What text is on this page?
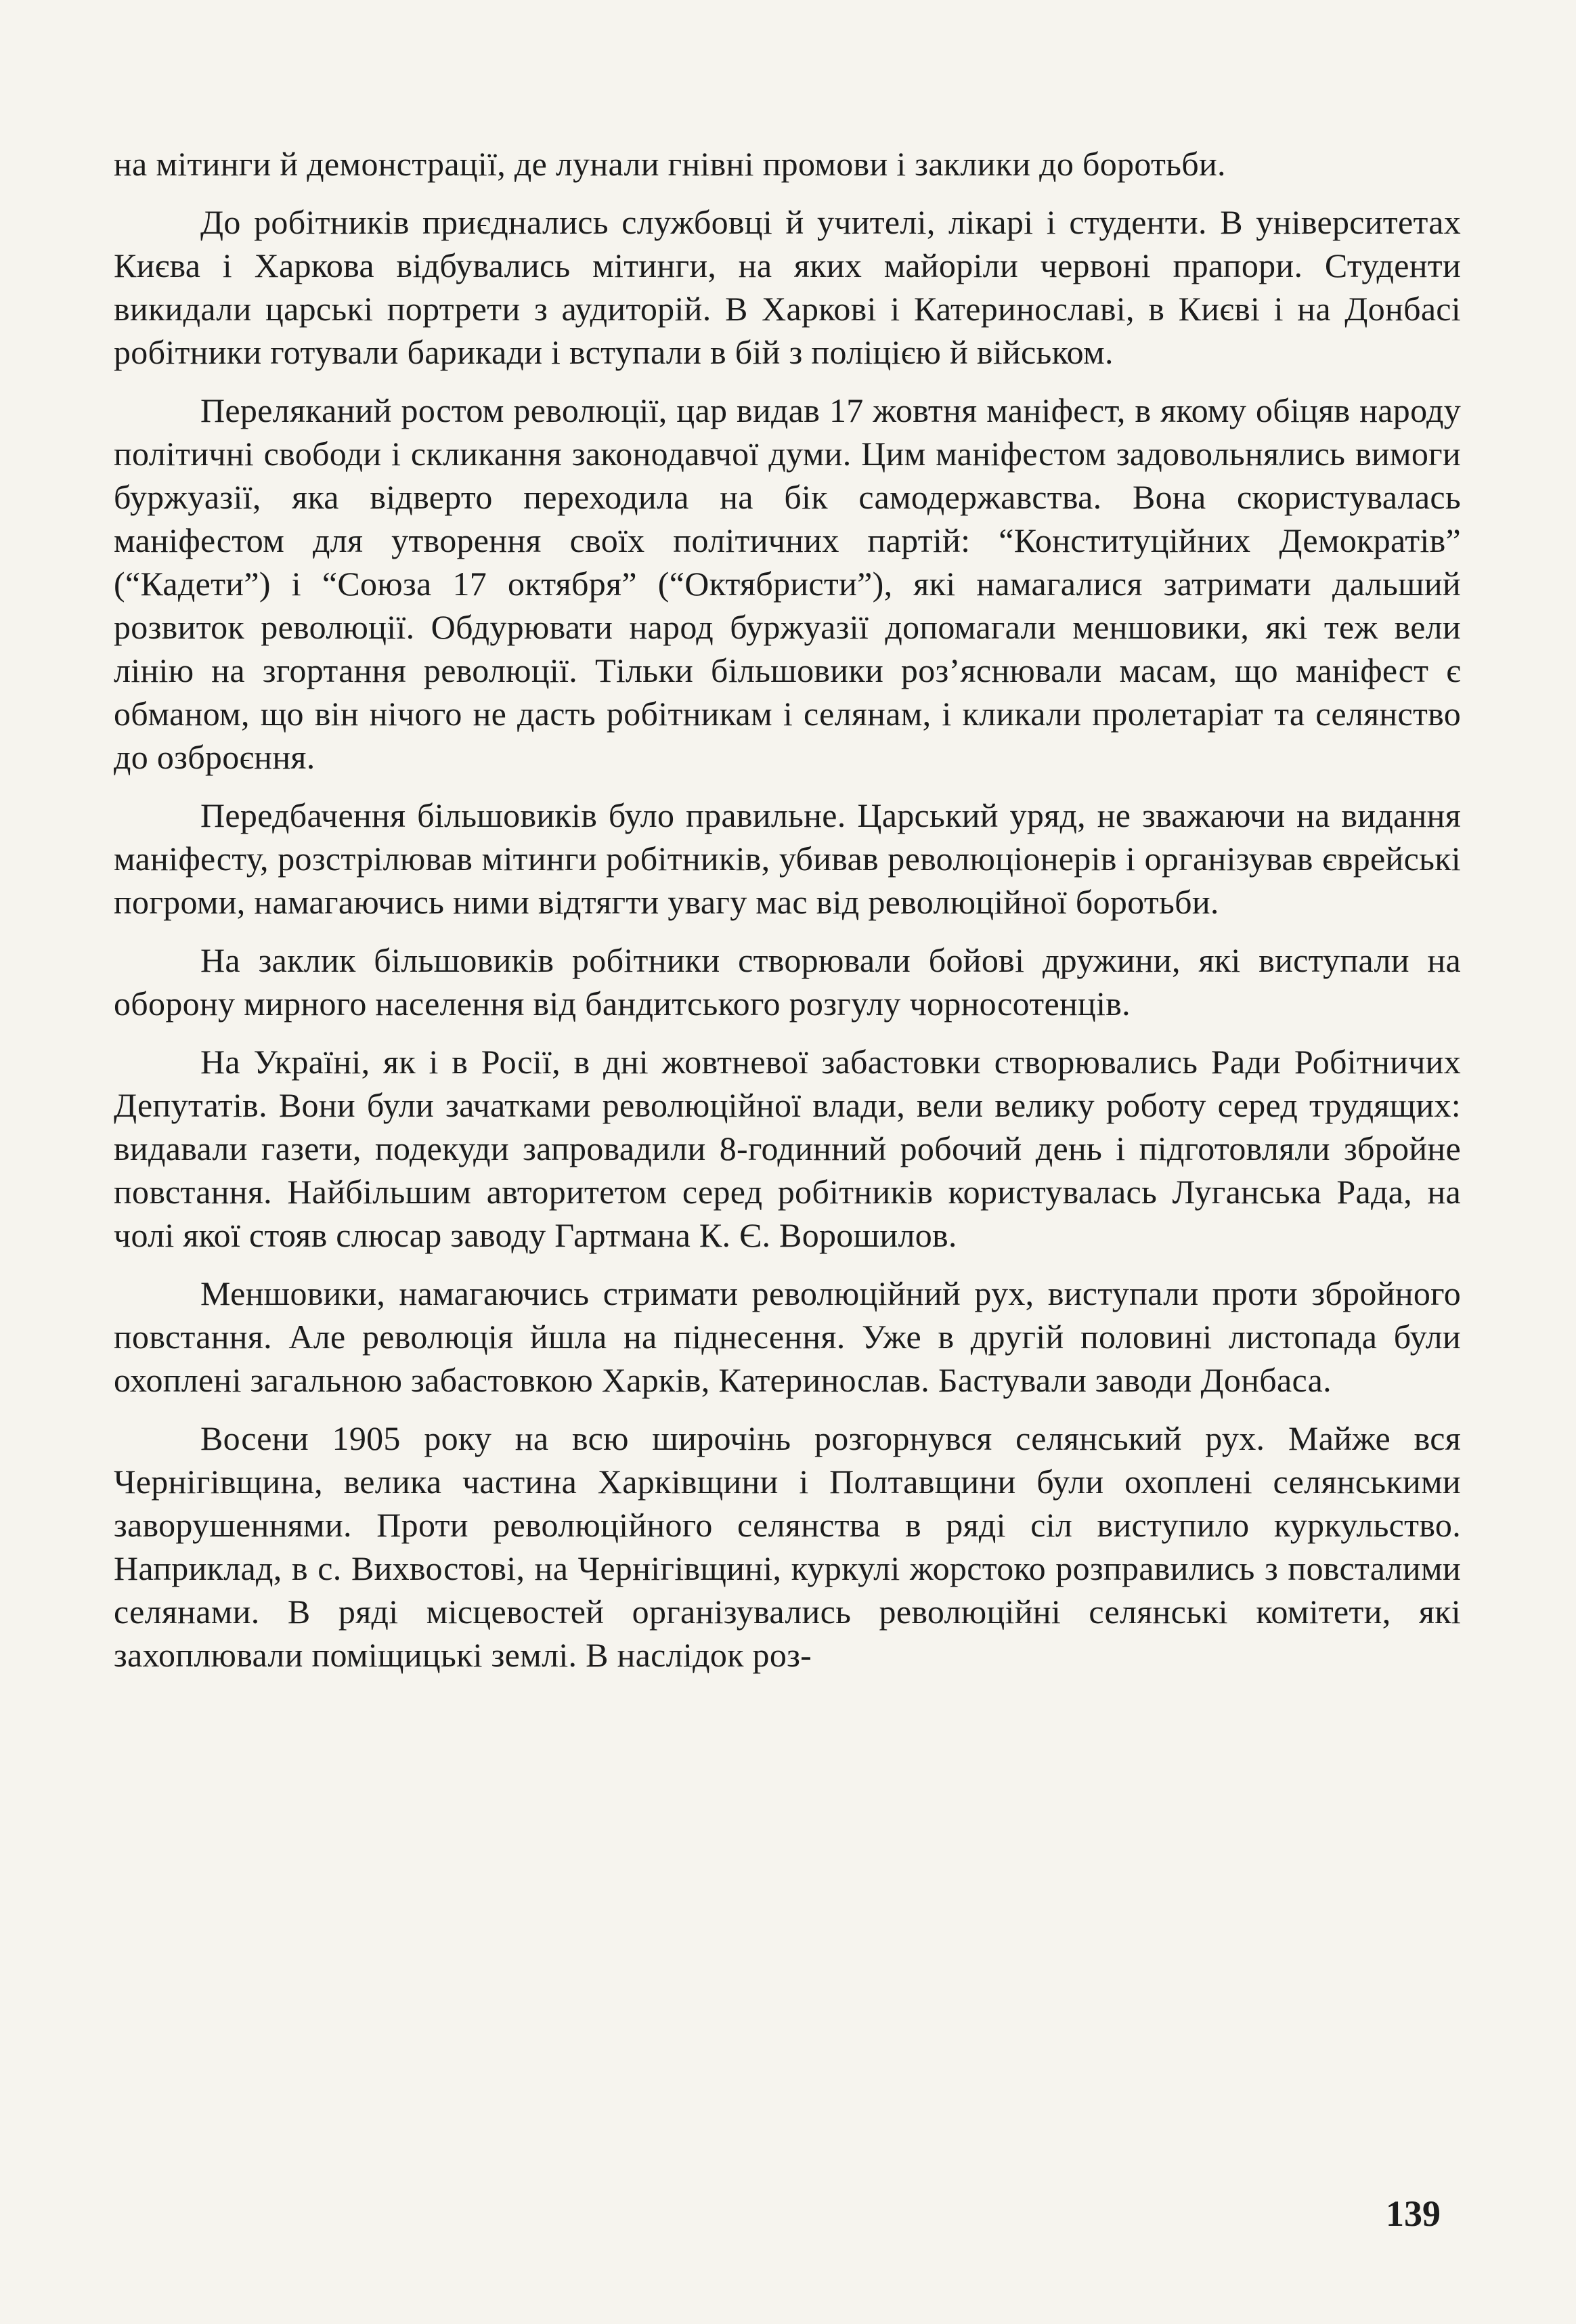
на мітинги й демонстрації, де лунали гнівні промови і заклики до боротьби.

До робітників приєднались службовці й учителі, лікарі і студенти. В університетах Києва і Харкова відбувались мітинги, на яких майоріли червоні прапори. Студенти викидали царські портрети з аудиторій. В Харкові і Катеринославі, в Києві і на Донбасі робітники готували барикади і вступали в бій з поліцією й військом.

Переляканий ростом революції, цар видав 17 жовтня маніфест, в якому обіцяв народу політичні свободи і скликання законодавчої думи. Цим маніфестом задовольнялись вимоги буржуазії, яка відверто переходила на бік самодержавства. Вона скористувалась маніфестом для утворення своїх політичних партій: “Конституційних Демократів” (“Кадети”) і “Союза 17 октября” (“Октябристи”), які намагалися затримати дальший розвиток революції. Обдурювати народ буржуазії допомагали меншовики, які теж вели лінію на згортання революції. Тільки більшовики роз’яснювали масам, що маніфест є обманом, що він нічого не дасть робітникам і селянам, і кликали пролетаріат та селянство до озброєння.

Передбачення більшовиків було правильне. Царський уряд, не зважаючи на видання маніфесту, розстрілював мітинги робітників, убивав революціонерів і організував єврейські погроми, намагаючись ними відтягти увагу мас від революційної боротьби.

На заклик більшовиків робітники створювали бойові дружини, які виступали на оборону мирного населення від бандитського розгулу чорносотенців.

На Україні, як і в Росії, в дні жовтневої забастовки створювались Ради Робітничих Депутатів. Вони були зачатками революційної влади, вели велику роботу серед трудящих: видавали газети, подекуди запровадили 8-годинний робочий день і підготовляли збройне повстання. Найбільшим авторитетом серед робітників користувалась Луганська Рада, на чолі якої стояв слюсар заводу Гартмана К. Є. Ворошилов.

Меншовики, намагаючись стримати революційний рух, виступали проти збройного повстання. Але революція йшла на піднесення. Уже в другій половині листопада були охоплені загальною забастовкою Харків, Катеринослав. Бастували заводи Донбаса.

Восени 1905 року на всю широчінь розгорнувся селянський рух. Майже вся Чернігівщина, велика частина Харківщини і Полтавщини були охоплені селянськими заворушеннями. Проти революційного селянства в ряді сіл виступило куркульство. Наприклад, в с. Вихвостові, на Чернігівщині, куркулі жорстоко розправились з повсталими селянами. В ряді місцевостей організувались революційні селянські комітети, які захоплювали поміщицькі землі. В наслідок роз-

139
